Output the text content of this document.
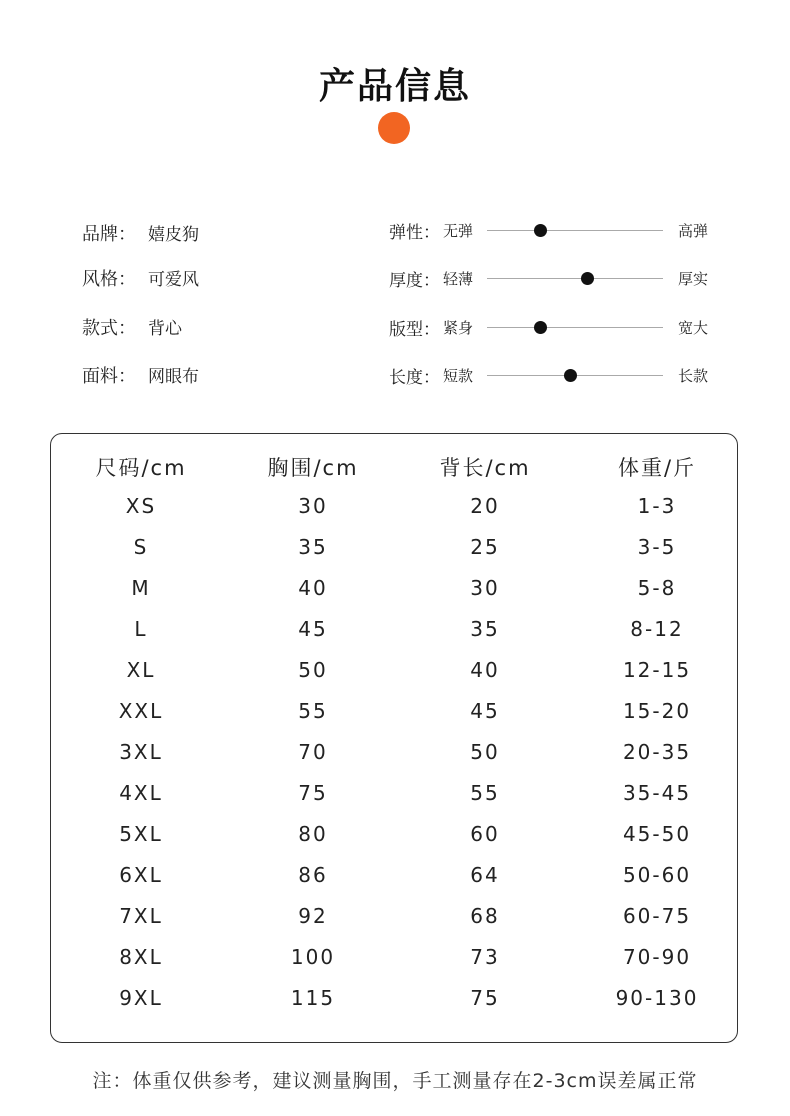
产品信息
品牌： 嬉皮狗
风格： 可爱风
款式： 背心
面料： 网眼布
弹性： 无弹	高弹
厚度： 轻薄	厚实
版型： 紧身	宽大
长度： 短款	长款
尺码/cm	胸围/cm	背长/cm	体重/斤
XS	30	20	1-3
S	35	25	3-5
M	40	30	5-8
L	45	35	8-12
XL	50	40	12-15
XXL	55	45	15-20
3XL	70	50	20-35
4XL	75	55	35-45
5XL	80	60	45-50
6XL	86	64	50-60
7XL	92	68	60-75
8XL	100	73	70-90
9XL	115	75	90-130
注：体重仅供参考，建议测量胸围，手工测量存在2-3cm误差属正常
